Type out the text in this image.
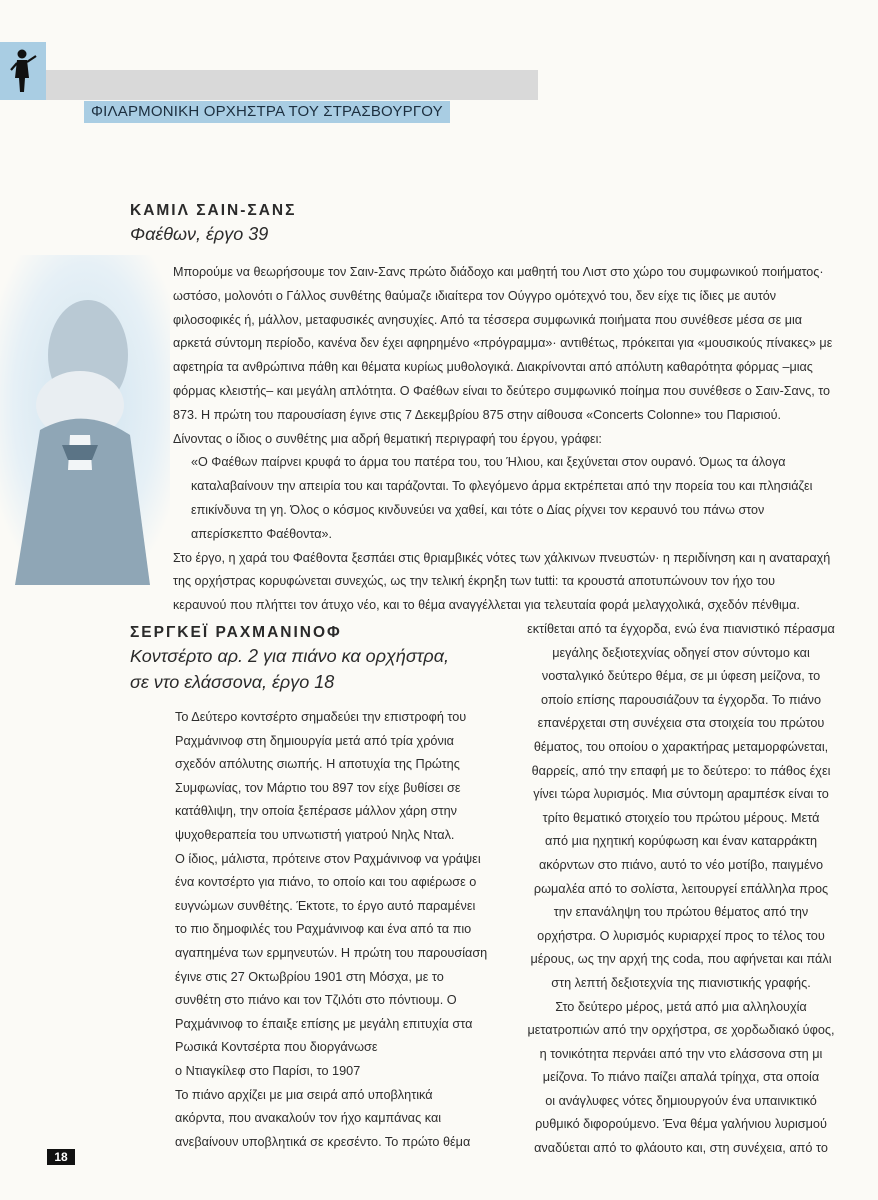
ΦΙΛΑΡΜΟΝΙΚΗ ΟΡΧΗΣΤΡΑ ΤΟΥ ΣΤΡΑΣΒΟΥΡΓΟΥ
ΚΑΜΙΛ ΣΑΙΝ-ΣΑΝΣ
Φαέθων, έργο 39
Μπορούμε να θεωρήσουμε τον Σαιν-Σανς πρώτο διάδοχο και μαθητή του Λιστ στο χώρο του συμφωνικού ποιήματος·
ωστόσο, μολονότι ο Γάλλος συνθέτης θαύμαζε ιδιαίτερα τον Ούγγρο ομότεχνό του, δεν είχε τις ίδιες με αυτόν
φιλοσοφικές ή, μάλλον, μεταφυσικές ανησυχίες. Από τα τέσσερα συμφωνικά ποιήματα που συνέθεσε μέσα σε μια
αρκετά σύντομη περίοδο, κανένα δεν έχει αφηρημένο «πρόγραμμα»· αντιθέτως, πρόκειται για «μουσικούς πίνακες» με
αφετηρία τα ανθρώπινα πάθη και θέματα κυρίως μυθολογικά. Διακρίνονται από απόλυτη καθαρότητα φόρμας –μιας
φόρμας κλειστής– και μεγάλη απλότητα. Ο Φαέθων είναι το δεύτερο συμφωνικό ποίημα που συνέθεσε ο Σαιν-Σανς, το
873. Η πρώτη του παρουσίαση έγινε στις 7 Δεκεμβρίου 875 στην αίθουσα «Concerts Colonne» του Παρισιού.
Δίνοντας ο ίδιος ο συνθέτης μια αδρή θεματική περιγραφή του έργου, γράφει:
«Ο Φαέθων παίρνει κρυφά το άρμα του πατέρα του, του Ήλιου, και ξεχύνεται στον ουρανό. Όμως τα άλογα
καταλαβαίνουν την απειρία του και ταράζονται. Το φλεγόμενο άρμα εκτρέπεται από την πορεία του και πλησιάζει
επικίνδυνα τη γη. Όλος ο κόσμος κινδυνεύει να χαθεί, και τότε ο Δίας ρίχνει τον κεραυνό του πάνω στον
απερίσκεπτο Φαέθοντα».
Στο έργο, η χαρά του Φαέθοντα ξεσπάει στις θριαμβικές νότες των χάλκινων πνευστών· η περιδίνηση και η αναταραχή
της ορχήστρας κορυφώνεται συνεχώς, ως την τελική έκρηξη των tutti: τα κρουστά αποτυπώνουν τον ήχο του
κεραυνού που πλήττει τον άτυχο νέο, και το θέμα αναγγέλλεται για τελευταία φορά μελαγχολικά, σχεδόν πένθιμα.
ΣΕΡΓΚΕΪ ΡΑΧΜΑΝΙΝΟΦ
Κοντσέρτο αρ. 2 για πιάνο κα ορχήστρα,
σε ντο ελάσσονα, έργο 18
Το Δεύτερο κοντσέρτο σημαδεύει την επιστροφή του
Ραχμάνινοφ στη δημιουργία μετά από τρία χρόνια
σχεδόν απόλυτης σιωπής. Η αποτυχία της Πρώτης
Συμφωνίας, τον Μάρτιο του 897 τον είχε βυθίσει σε
κατάθλιψη, την οποία ξεπέρασε μάλλον χάρη στην
ψυχοθεραπεία του υπνωτιστή γιατρού Νηλς Νταλ.
Ο ίδιος, μάλιστα, πρότεινε στον Ραχμάνινοφ να γράψει
ένα κοντσέρτο για πιάνο, το οποίο και του αφιέρωσε ο
ευγνώμων συνθέτης. Έκτοτε, το έργο αυτό παραμένει
το πιο δημοφιλές του Ραχμάνινοφ και ένα από τα πιο
αγαπημένα των ερμηνευτών. Η πρώτη του παρουσίαση
έγινε στις 27 Οκτωβρίου 1901 στη Μόσχα, με το
συνθέτη στο πιάνο και τον Τζιλότι στο πόντιουμ. Ο
Ραχμάνινοφ το έπαιξε επίσης με μεγάλη επιτυχία στα
Ρωσικά Κοντσέρτα που διοργάνωσε
ο Ντιαγκίλεφ στο Παρίσι, το 1907
Το πιάνο αρχίζει με μια σειρά από υποβλητικά
ακόρντα, που ανακαλούν τον ήχο καμπάνας και
ανεβαίνουν υποβλητικά σε κρεσέντο. Το πρώτο θέμα
εκτίθεται από τα έγχορδα, ενώ ένα πιανιστικό πέρασμα
μεγάλης δεξιοτεχνίας οδηγεί στον σύντομο και
νοσταλγικό δεύτερο θέμα, σε μι ύφεση μείζονα, το
οποίο επίσης παρουσιάζουν τα έγχορδα. Το πιάνο
επανέρχεται στη συνέχεια στα στοιχεία του πρώτου
θέματος, του οποίου ο χαρακτήρας μεταμορφώνεται,
θαρρείς, από την επαφή με το δεύτερο: το πάθος έχει
γίνει τώρα λυρισμός. Μια σύντομη αραμπέσκ είναι το
τρίτο θεματικό στοιχείο του πρώτου μέρους. Μετά
από μια ηχητική κορύφωση και έναν καταρράκτη
ακόρντων στο πιάνο, αυτό το νέο μοτίβο, παιγμένο
ρωμαλέα από το σολίστα, λειτουργεί επάλληλα προς
την επανάληψη του πρώτου θέματος από την
ορχήστρα. Ο λυρισμός κυριαρχεί προς το τέλος του
μέρους, ως την αρχή της coda, που αφήνεται και πάλι
στη λεπτή δεξιοτεχνία της πιανιστικής γραφής.
Στο δεύτερο μέρος, μετά από μια αλληλουχία
μετατροπιών από την ορχήστρα, σε χορδωδιακό ύφος,
η τονικότητα περνάει από την ντο ελάσσονα στη μι
μείζονα. Το πιάνο παίζει απαλά τρίηχα, στα οποία
οι ανάγλυφες νότες δημιουργούν ένα υπαινικτικό
ρυθμικό διφορούμενο. Ένα θέμα γαλήνιου λυρισμού
αναδύεται από το φλάουτο και, στη συνέχεια, από το
18
